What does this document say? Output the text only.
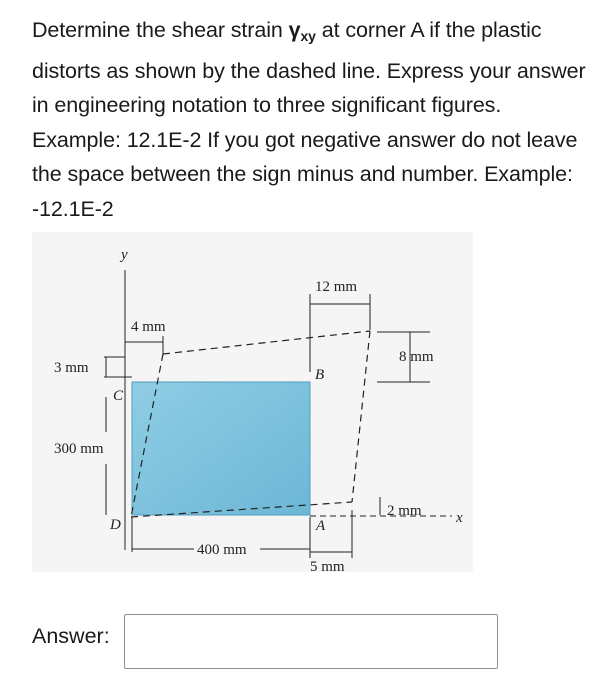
Determine the shear strain $\gamma_{xy}$ at corner A if the plastic distorts as shown by the dashed line. Express your answer in engineering notation to three significant figures. Example: 12.1E-2 If you got negative answer do not leave the space between the sign minus and number. Example: -12.1E-2
y
x
12 mm
4 mm
3 mm
8 mm
300 mm
2 mm
400 mm
5 mm
A
B
C
D
Answer:
